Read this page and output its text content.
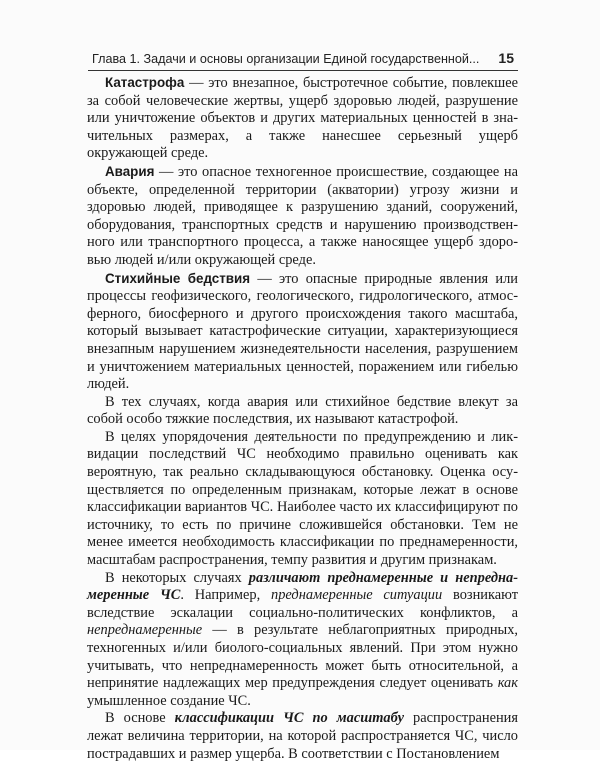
Глава 1. Задачи и основы организации Единой государственной... 15

Катастрофа — это внезапное, быстротечное событие, повлекшее за собой человеческие жертвы, ущерб здоровью людей, разрушение или уничтожение объектов и других материальных ценностей в значительных размерах, а также нанесшее серьезный ущерб окружающей среде.

Авария — это опасное техногенное происшествие, создающее на объекте, определенной территории (акватории) угрозу жизни и здоровью людей, приводящее к разрушению зданий, сооружений, оборудования, транспортных средств и нарушению производственного или транспортного процесса, а также наносящее ущерб здоровью людей и/или окружающей среде.

Стихийные бедствия — это опасные природные явления или процессы геофизического, геологического, гидрологического, атмосферного, биосферного и другого происхождения такого масштаба, который вызывает катастрофические ситуации, характеризующиеся внезапным нарушением жизнедеятельности населения, разрушением и уничтожением материальных ценностей, поражением или гибелью людей.

В тех случаях, когда авария или стихийное бедствие влекут за собой особо тяжкие последствия, их называют катастрофой.

В целях упорядочения деятельности по предупреждению и ликвидации последствий ЧС необходимо правильно оценивать как вероятную, так реально складывающуюся обстановку. Оценка осуществляется по определенным признакам, которые лежат в основе классификации вариантов ЧС. Наиболее часто их классифицируют по источнику, то есть по причине сложившейся обстановки. Тем не менее имеется необходимость классификации по преднамеренности, масштабам распространения, темпу развития и другим признакам.

В некоторых случаях различают преднамеренные и непреднамеренные ЧС. Например, преднамеренные ситуации возникают вследствие эскалации социально-политических конфликтов, а непреднамеренные — в результате неблагоприятных природных, техногенных и/или биолого-социальных явлений. При этом нужно учитывать, что непреднамеренность может быть относительной, а непринятие надлежащих мер предупреждения следует оценивать как умышленное создание ЧС.

В основе классификации ЧС по масштабу распространения лежат величина территории, на которой распространяется ЧС, число пострадавших и размер ущерба. В соответствии с Постановлением
